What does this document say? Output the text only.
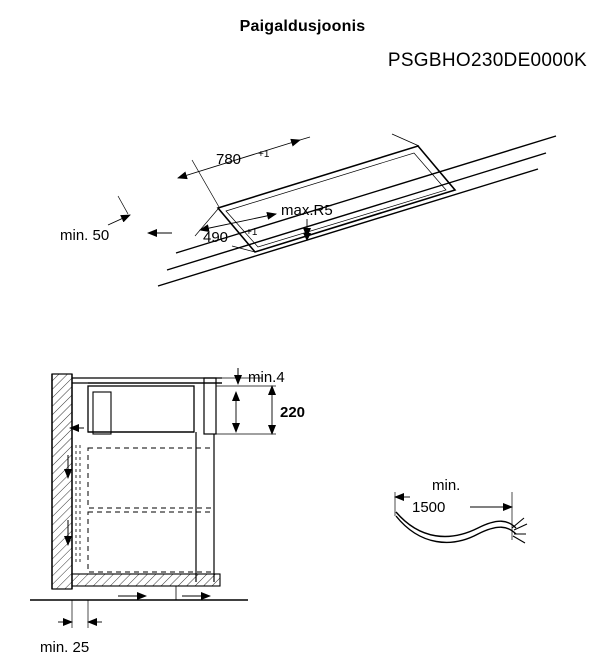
Paigaldusjoonis
PSGBHO230DE0000K
780 +1
490 +1
max.R5
min. 50
min.4
220
min. 25
min.
1500
